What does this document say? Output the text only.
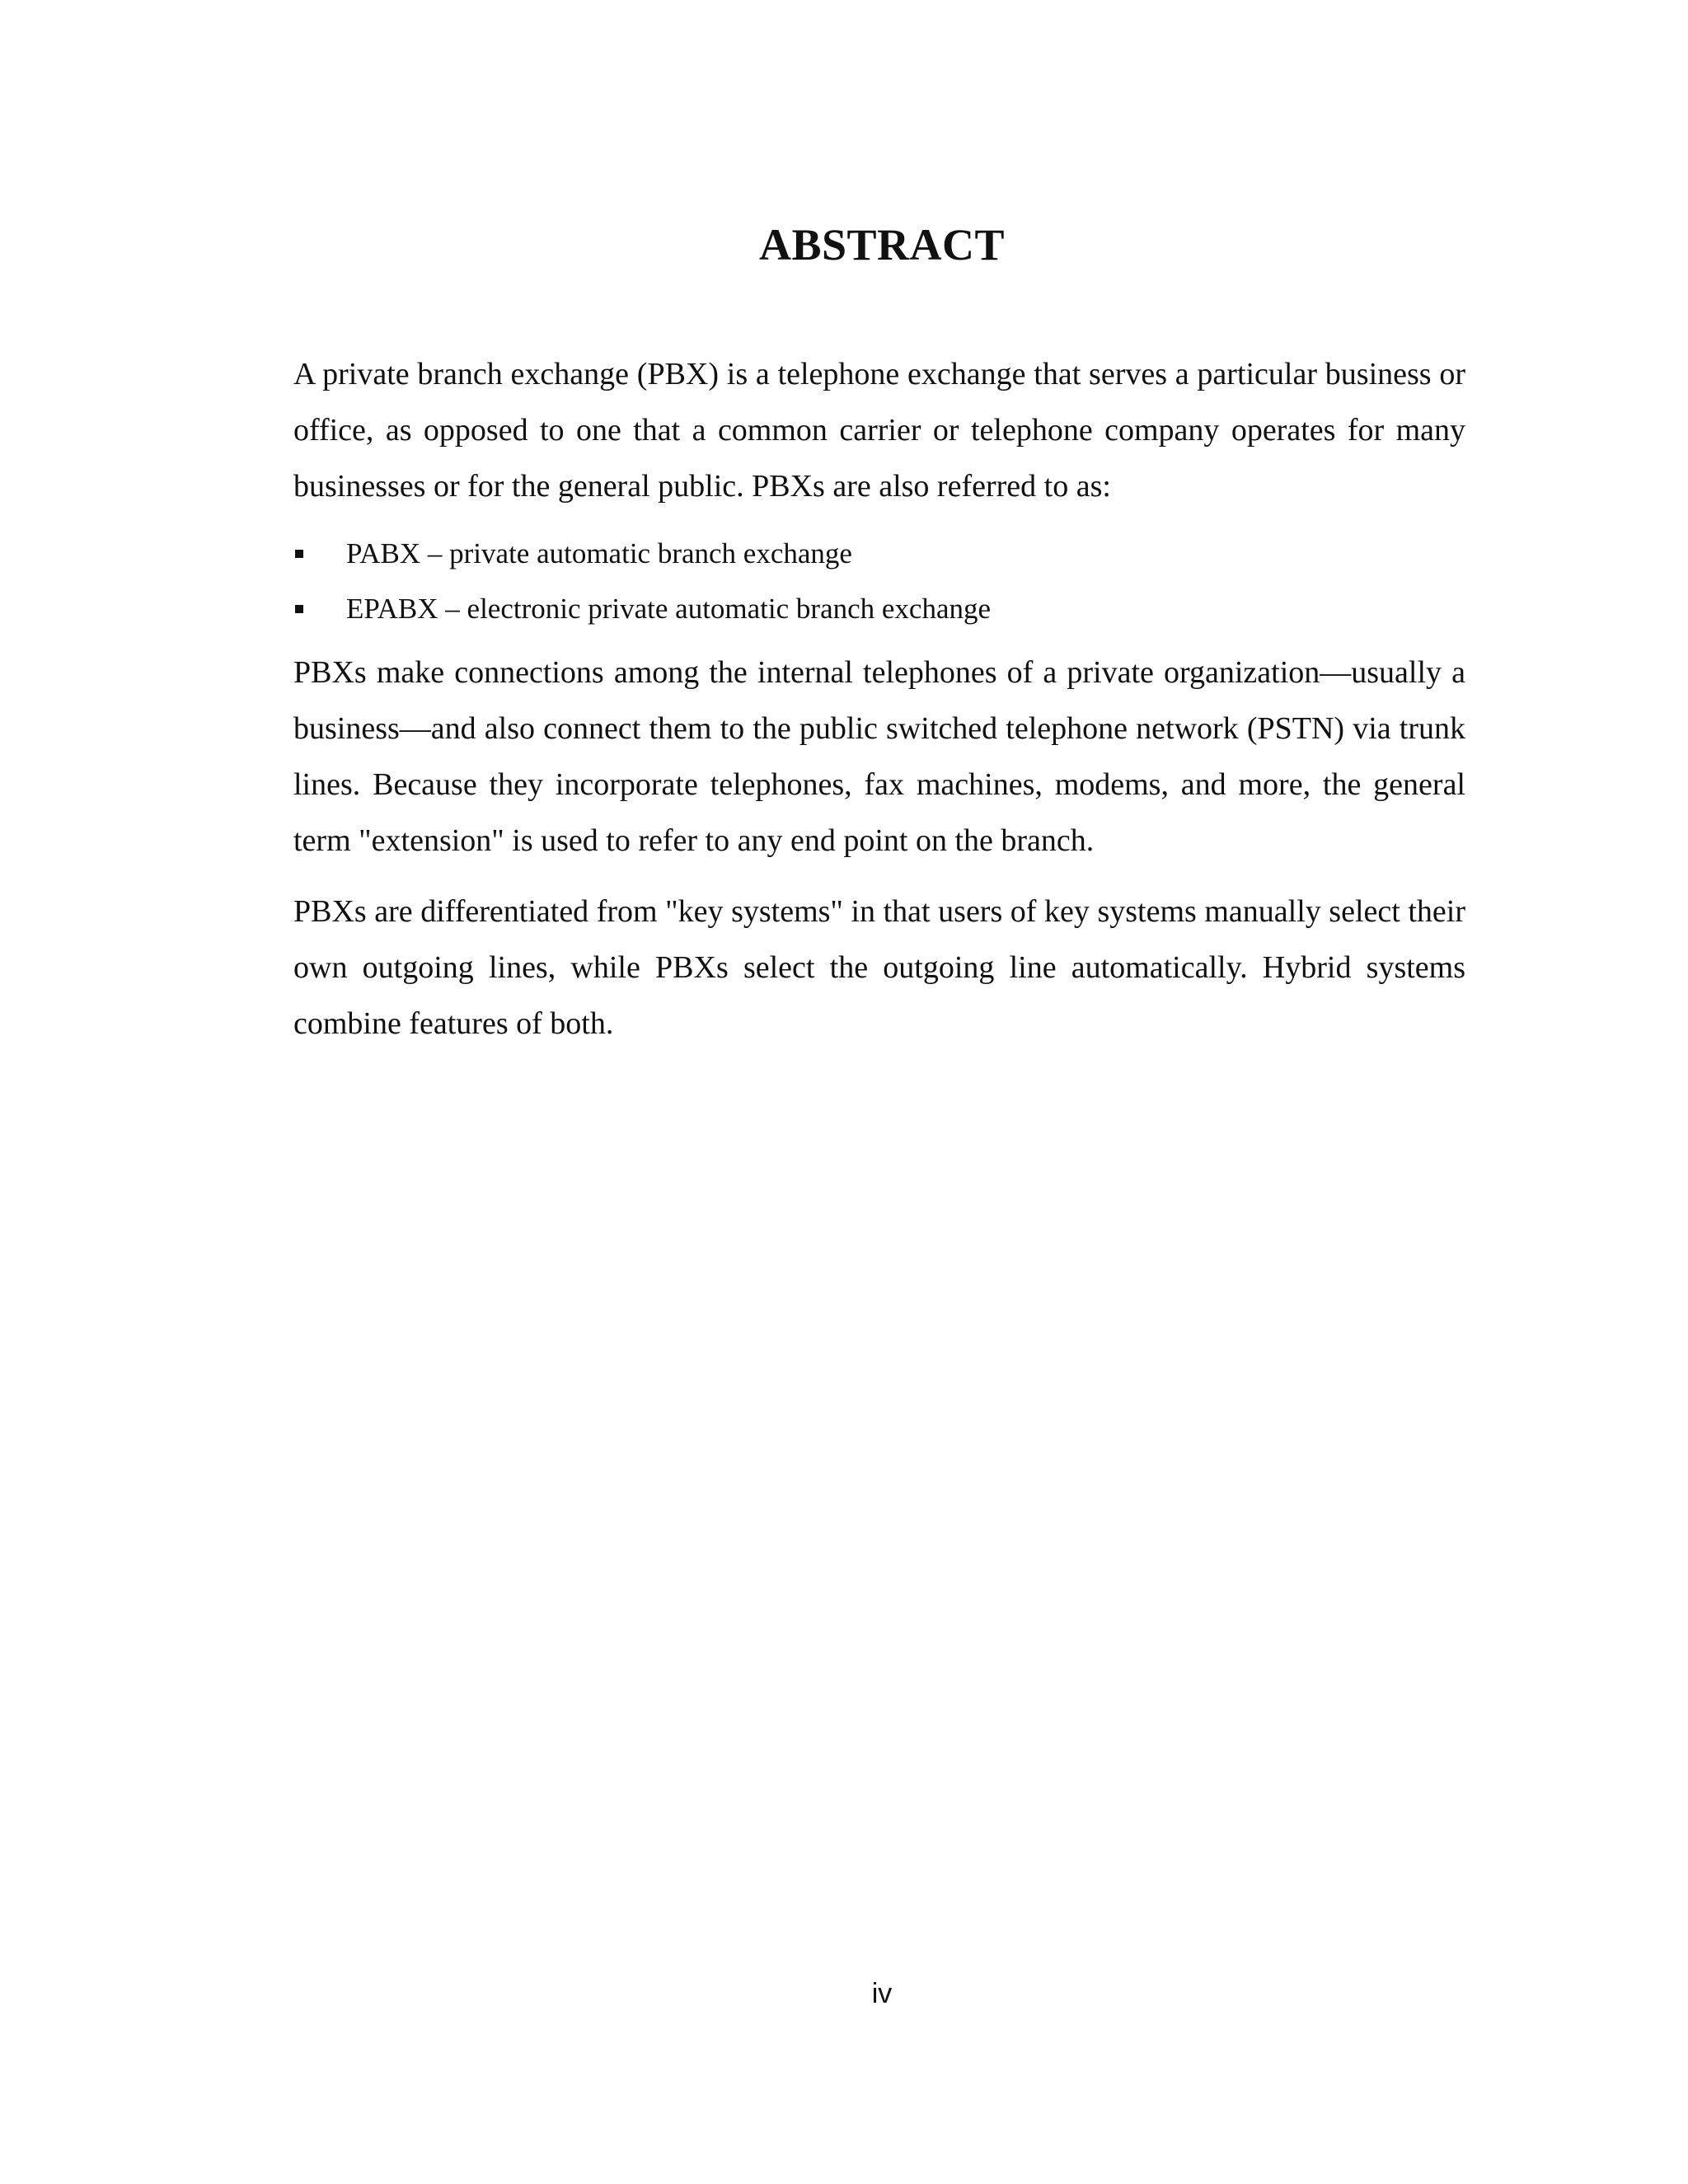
ABSTRACT

A private branch exchange (PBX) is a telephone exchange that serves a particular business or office, as opposed to one that a common carrier or telephone company operates for many businesses or for the general public. PBXs are also referred to as:

PABX – private automatic branch exchange
EPABX – electronic private automatic branch exchange

PBXs make connections among the internal telephones of a private organization—usually a business—and also connect them to the public switched telephone network (PSTN) via trunk lines. Because they incorporate telephones, fax machines, modems, and more, the general term "extension" is used to refer to any end point on the branch.

PBXs are differentiated from "key systems" in that users of key systems manually select their own outgoing lines, while PBXs select the outgoing line automatically. Hybrid systems combine features of both.

iv
